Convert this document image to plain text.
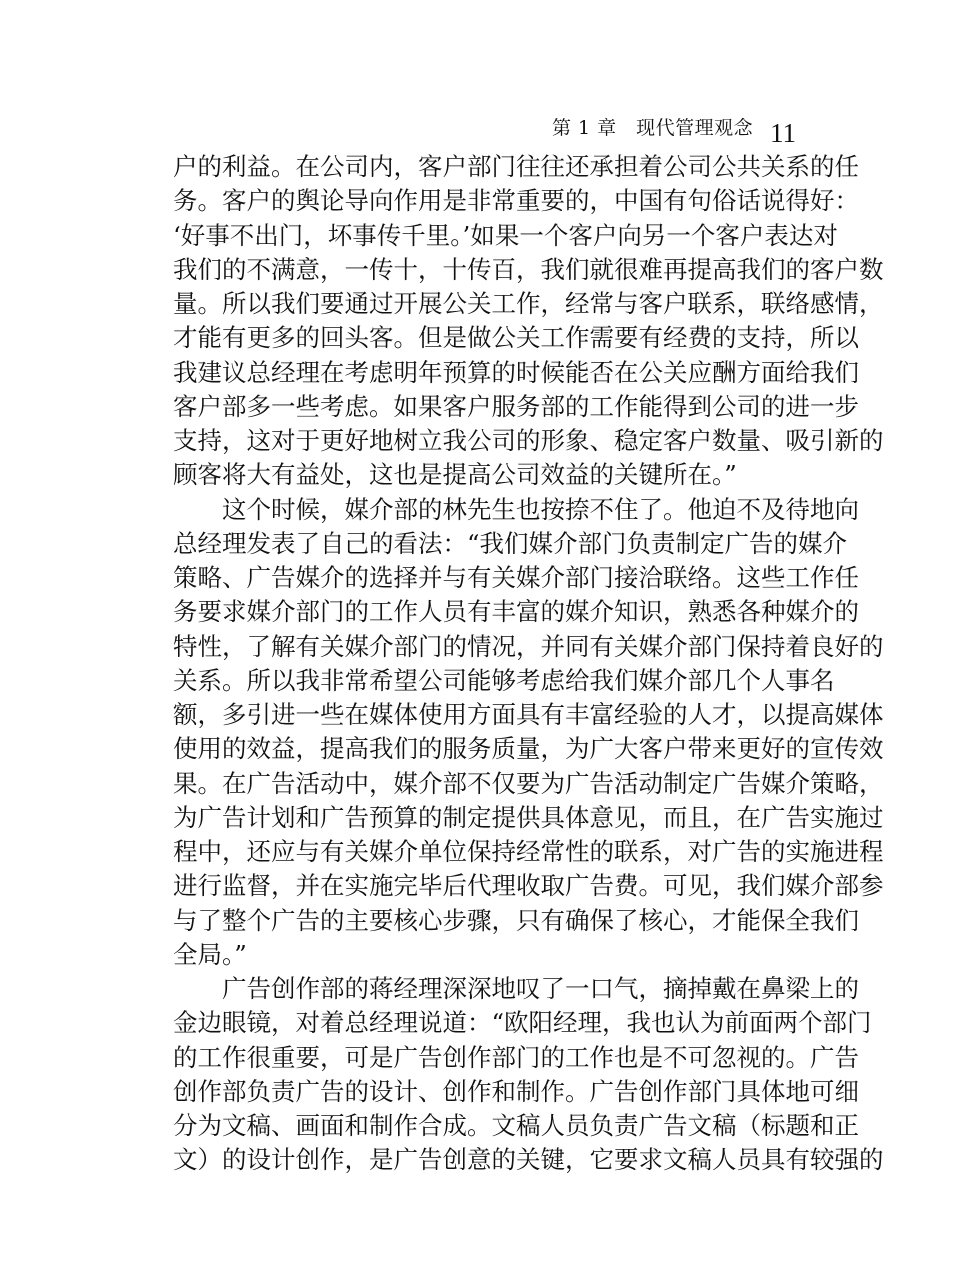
第 1 章　现代管理观念 11
户的利益。在公司内，客户部门往往还承担着公司公共关系的任
务。客户的舆论导向作用是非常重要的，中国有句俗话说得好：
‘好事不出门，坏事传千里。’如果一个客户向另一个客户表达对
我们的不满意，一传十，十传百，我们就很难再提高我们的客户数
量。所以我们要通过开展公关工作，经常与客户联系，联络感情，
才能有更多的回头客。但是做公关工作需要有经费的支持，所以
我建议总经理在考虑明年预算的时候能否在公关应酬方面给我们
客户部多一些考虑。如果客户服务部的工作能得到公司的进一步
支持，这对于更好地树立我公司的形象、稳定客户数量、吸引新的
顾客将大有益处，这也是提高公司效益的关键所在。”
这个时候，媒介部的林先生也按捺不住了。他迫不及待地向
总经理发表了自己的看法：“我们媒介部门负责制定广告的媒介
策略、广告媒介的选择并与有关媒介部门接洽联络。这些工作任
务要求媒介部门的工作人员有丰富的媒介知识，熟悉各种媒介的
特性，了解有关媒介部门的情况，并同有关媒介部门保持着良好的
关系。所以我非常希望公司能够考虑给我们媒介部几个人事名
额，多引进一些在媒体使用方面具有丰富经验的人才，以提高媒体
使用的效益，提高我们的服务质量，为广大客户带来更好的宣传效
果。在广告活动中，媒介部不仅要为广告活动制定广告媒介策略，
为广告计划和广告预算的制定提供具体意见，而且，在广告实施过
程中，还应与有关媒介单位保持经常性的联系，对广告的实施进程
进行监督，并在实施完毕后代理收取广告费。可见，我们媒介部参
与了整个广告的主要核心步骤，只有确保了核心，才能保全我们
全局。”
广告创作部的蒋经理深深地叹了一口气，摘掉戴在鼻梁上的
金边眼镜，对着总经理说道：“欧阳经理，我也认为前面两个部门
的工作很重要，可是广告创作部门的工作也是不可忽视的。广告
创作部负责广告的设计、创作和制作。广告创作部门具体地可细
分为文稿、画面和制作合成。文稿人员负责广告文稿（标题和正
文）的设计创作，是广告创意的关键，它要求文稿人员具有较强的
